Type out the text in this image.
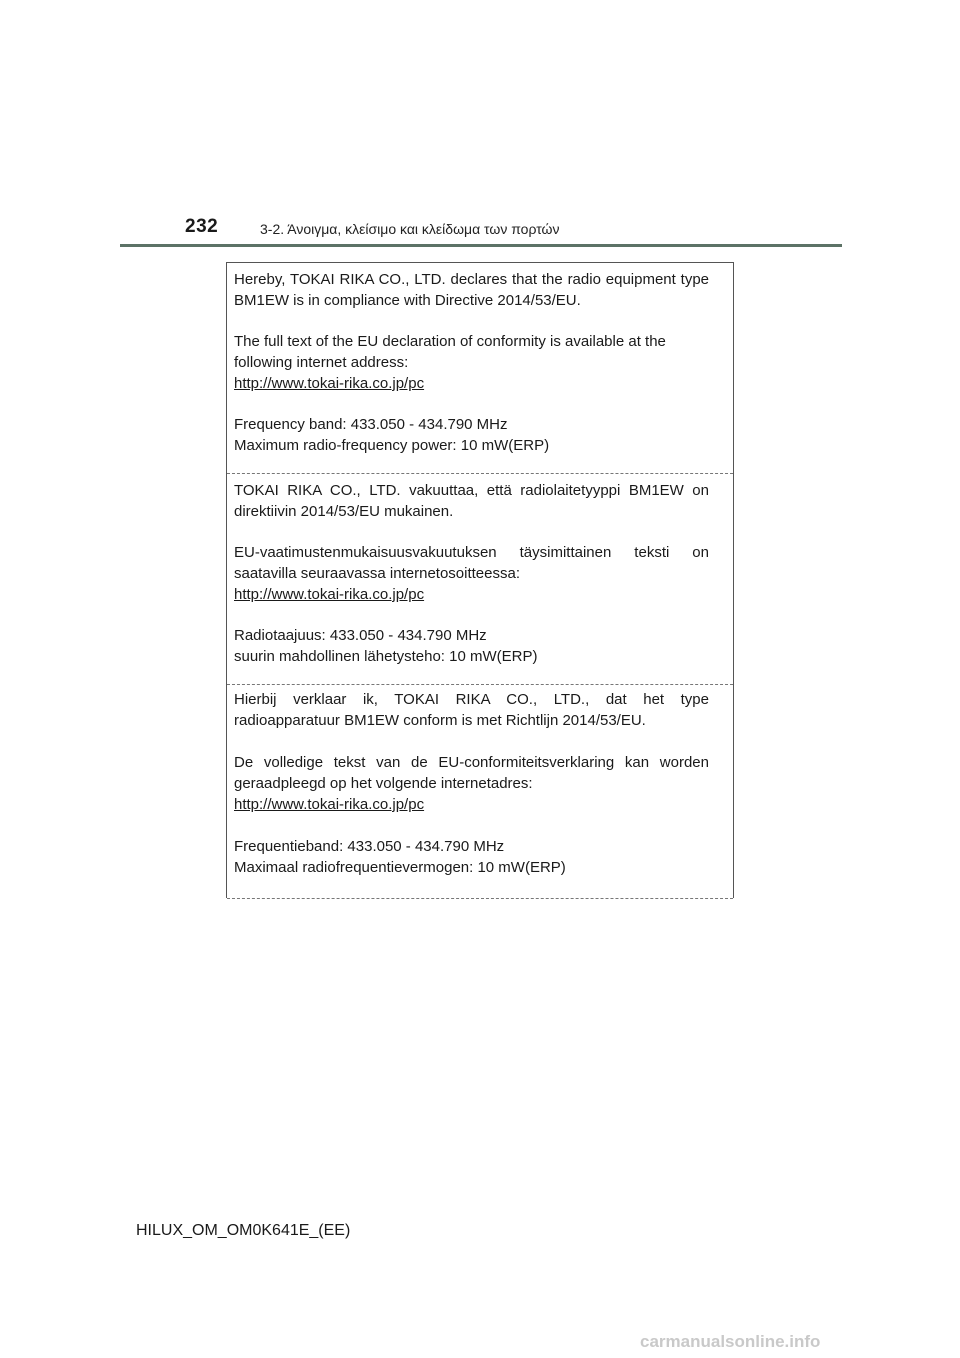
232	3-2. Άνοιγμα, κλείσιμο και κλείδωμα των πορτών
Hereby, TOKAI RIKA CO., LTD. declares that the radio equipment type
BM1EW is in compliance with Directive 2014/53/EU.
The full text of the EU declaration of conformity is available at the
following internet address:
http://www.tokai-rika.co.jp/pc
Frequency band: 433.050 - 434.790 MHz
Maximum radio-frequency power: 10 mW(ERP)
TOKAI RIKA CO., LTD. vakuuttaa, että radiolaitetyyppi BM1EW on
direktiivin 2014/53/EU mukainen.
EU-vaatimustenmukaisuusvakuutuksen täysimittainen teksti on
saatavilla seuraavassa internetosoitteessa:
http://www.tokai-rika.co.jp/pc
Radiotaajuus: 433.050 - 434.790 MHz
suurin mahdollinen lähetysteho: 10 mW(ERP)
Hierbij verklaar ik, TOKAI RIKA CO., LTD., dat het type
radioapparatuur BM1EW conform is met Richtlijn 2014/53/EU.
De volledige tekst van de EU-conformiteitsverklaring kan worden
geraadpleegd op het volgende internetadres:
http://www.tokai-rika.co.jp/pc
Frequentieband: 433.050 - 434.790 MHz
Maximaal radiofrequentievermogen: 10 mW(ERP)
HILUX_OM_OM0K641E_(EE)
carmanualsonline.info
